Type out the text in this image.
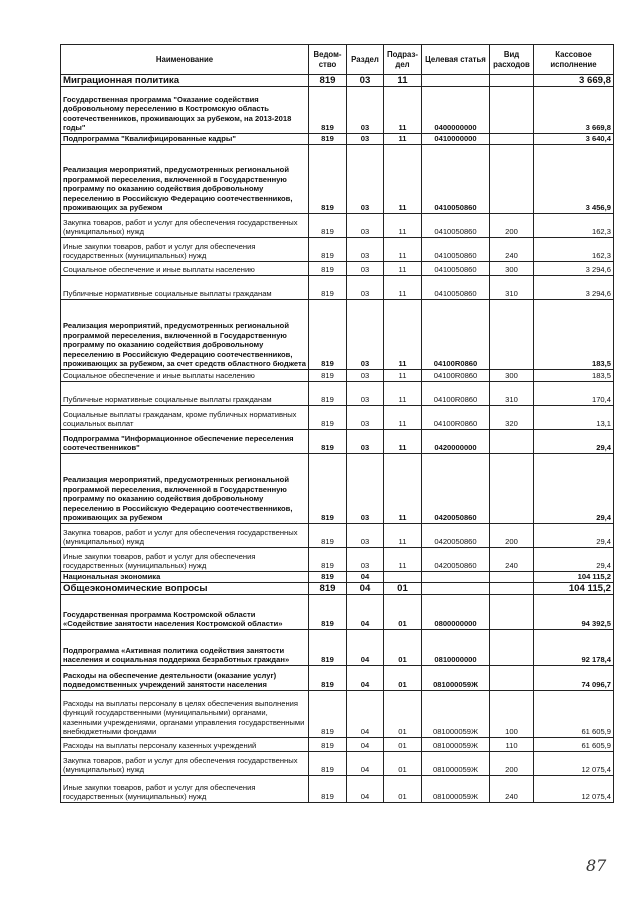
Наименование	Ведом-ство	Раздел	Подраз-дел	Целевая статья	Вид расходов	Кассовое исполнение
Миграционная политика	819	03	11			3 669,8
Государственная программа "Оказание содействия добровольному переселению в Костромскую область соотечественников, проживающих за рубежом, на 2013-2018 годы"	819	03	11	0400000000		3 669,8
Подпрограмма "Квалифицированные кадры"	819	03	11	0410000000		3 640,4
Реализация мероприятий, предусмотренных региональной программой переселения, включенной в Государственную программу по оказанию содействия добровольному переселению в Российскую Федерацию соотечественников, проживающих за рубежом	819	03	11	0410050860		3 456,9
Закупка товаров, работ и услуг для обеспечения государственных (муниципальных) нужд	819	03	11	0410050860	200	162,3
Иные закупки товаров, работ и услуг для обеспечения государственных (муниципальных) нужд	819	03	11	0410050860	240	162,3
Социальное обеспечение и иные выплаты населению	819	03	11	0410050860	300	3 294,6
Публичные нормативные социальные выплаты гражданам	819	03	11	0410050860	310	3 294,6
Реализация мероприятий, предусмотренных региональной программой переселения, включенной в Государственную программу по оказанию содействия добровольному переселению в Российскую Федерацию соотечественников, проживающих за рубежом, за счет средств областного бюджета	819	03	11	04100R0860		183,5
Социальное обеспечение и иные выплаты населению	819	03	11	04100R0860	300	183,5
Публичные нормативные социальные выплаты гражданам	819	03	11	04100R0860	310	170,4
Социальные выплаты гражданам, кроме публичных нормативных социальных выплат	819	03	11	04100R0860	320	13,1
Подпрограмма "Информационное обеспечение переселения соотечественников"	819	03	11	0420000000		29,4
Реализация мероприятий, предусмотренных региональной программой переселения, включенной в Государственную программу по оказанию содействия добровольному переселению в Российскую Федерацию соотечественников, проживающих за рубежом	819	03	11	0420050860		29,4
Закупка товаров, работ и услуг для обеспечения государственных (муниципальных) нужд	819	03	11	0420050860	200	29,4
Иные закупки товаров, работ и услуг для обеспечения государственных (муниципальных) нужд	819	03	11	0420050860	240	29,4
Национальная экономика	819	04				104 115,2
Общеэкономические вопросы	819	04	01			104 115,2
Государственная программа Костромской области «Содействие занятости населения Костромской области»	819	04	01	0800000000		94 392,5
Подпрограмма «Активная политика содействия занятости населения и социальная поддержка безработных граждан»	819	04	01	0810000000		92 178,4
Расходы на обеспечение деятельности (оказание услуг) подведомственных учреждений занятости населения	819	04	01	081000059Ж		74 096,7
Расходы на выплаты персоналу в целях обеспечения выполнения функций государственными (муниципальными) органами, казенными учреждениями, органами управления государственными внебюджетными фондами	819	04	01	081000059Ж	100	61 605,9
Расходы на выплаты персоналу казенных учреждений	819	04	01	081000059Ж	110	61 605,9
Закупка товаров, работ и услуг для обеспечения государственных (муниципальных) нужд	819	04	01	081000059Ж	200	12 075,4
Иные закупки товаров, работ и услуг для обеспечения государственных (муниципальных) нужд	819	04	01	081000059Ж	240	12 075,4
87
